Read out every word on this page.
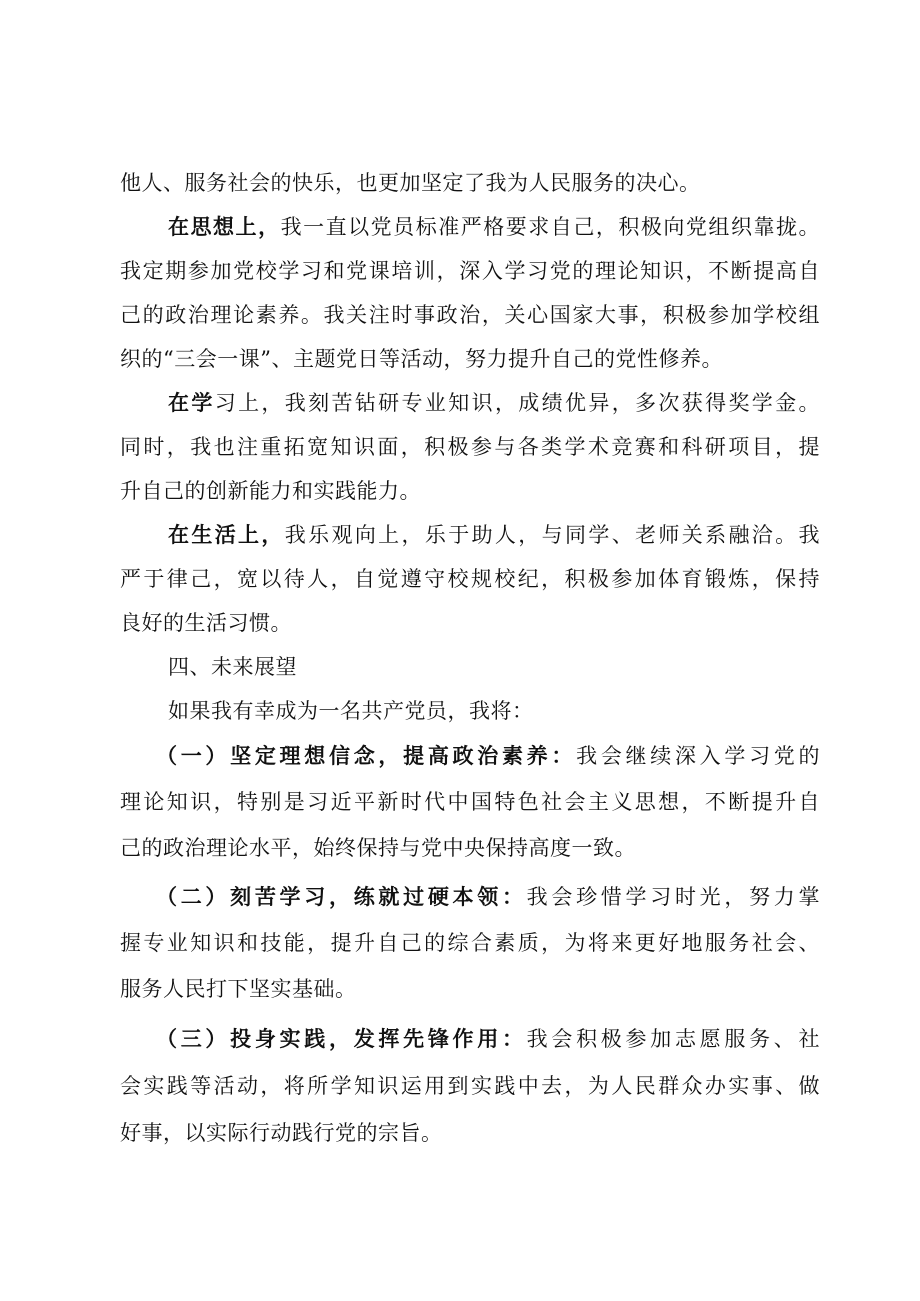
他人、服务社会的快乐，也更加坚定了我为人民服务的决心。
在思想上，我一直以党员标准严格要求自己，积极向党组织靠拢。
我定期参加党校学习和党课培训，深入学习党的理论知识，不断提高自
己的政治理论素养。我关注时事政治，关心国家大事，积极参加学校组
织的“三会一课”、主题党日等活动，努力提升自己的党性修养。
在学习上，我刻苦钻研专业知识，成绩优异，多次获得奖学金。
同时，我也注重拓宽知识面，积极参与各类学术竞赛和科研项目，提
升自己的创新能力和实践能力。
在生活上，我乐观向上，乐于助人，与同学、老师关系融洽。我
严于律己，宽以待人，自觉遵守校规校纪，积极参加体育锻炼，保持
良好的生活习惯。
四、未来展望
如果我有幸成为一名共产党员，我将：
（一）坚定理想信念，提高政治素养：我会继续深入学习党的
理论知识，特别是习近平新时代中国特色社会主义思想，不断提升自
己的政治理论水平，始终保持与党中央保持高度一致。
（二）刻苦学习，练就过硬本领：我会珍惜学习时光，努力掌
握专业知识和技能，提升自己的综合素质，为将来更好地服务社会、
服务人民打下坚实基础。
（三）投身实践，发挥先锋作用：我会积极参加志愿服务、社
会实践等活动，将所学知识运用到实践中去，为人民群众办实事、做
好事，以实际行动践行党的宗旨。
